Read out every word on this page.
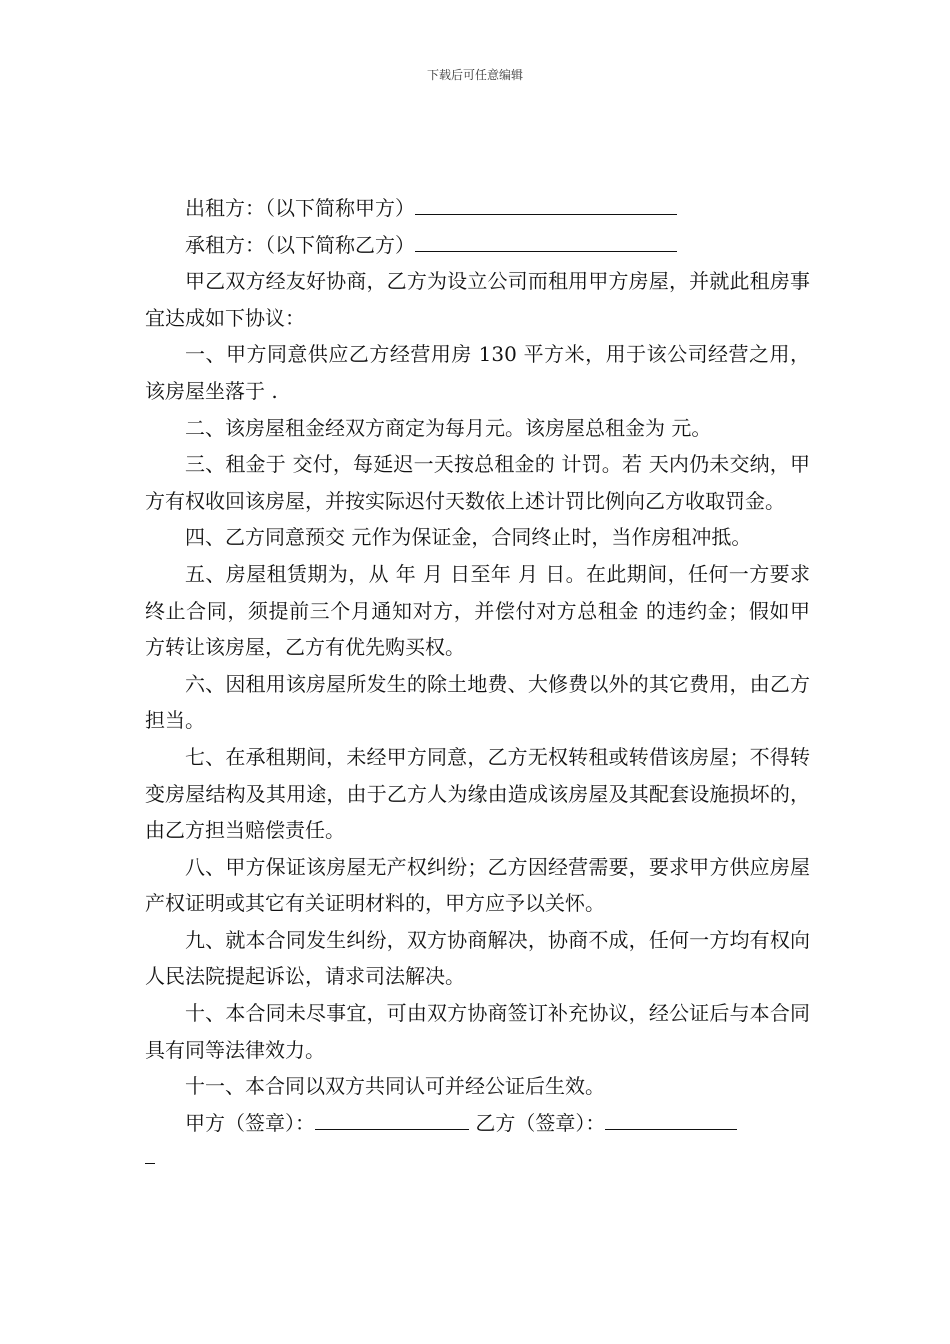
下载后可任意编辑

出租方：（以下简称甲方）

承租方：（以下简称乙方）

甲乙双方经友好协商，乙方为设立公司而租用甲方房屋，并就此租房事宜达成如下协议：

一、甲方同意供应乙方经营用房 130 平方米，用于该公司经营之用，该房屋坐落于 .

二、该房屋租金经双方商定为每月元。该房屋总租金为 元。

三、租金于 交付，每延迟一天按总租金的 计罚。若 天内仍未交纳，甲方有权收回该房屋，并按实际迟付天数依上述计罚比例向乙方收取罚金。

四、乙方同意预交 元作为保证金，合同终止时，当作房租冲抵。

五、房屋租赁期为，从 年 月 日至年 月 日。在此期间，任何一方要求终止合同，须提前三个月通知对方，并偿付对方总租金 的违约金；假如甲方转让该房屋，乙方有优先购买权。

六、因租用该房屋所发生的除土地费、大修费以外的其它费用，由乙方担当。

七、在承租期间，未经甲方同意，乙方无权转租或转借该房屋；不得转变房屋结构及其用途，由于乙方人为缘由造成该房屋及其配套设施损坏的，由乙方担当赔偿责任。

八、甲方保证该房屋无产权纠纷；乙方因经营需要，要求甲方供应房屋产权证明或其它有关证明材料的，甲方应予以关怀。

九、就本合同发生纠纷，双方协商解决，协商不成，任何一方均有权向人民法院提起诉讼，请求司法解决。

十、本合同未尽事宜，可由双方协商签订补充协议，经公证后与本合同具有同等法律效力。

十一、本合同以双方共同认可并经公证后生效。

甲方（签章）：	乙方（签章）：
